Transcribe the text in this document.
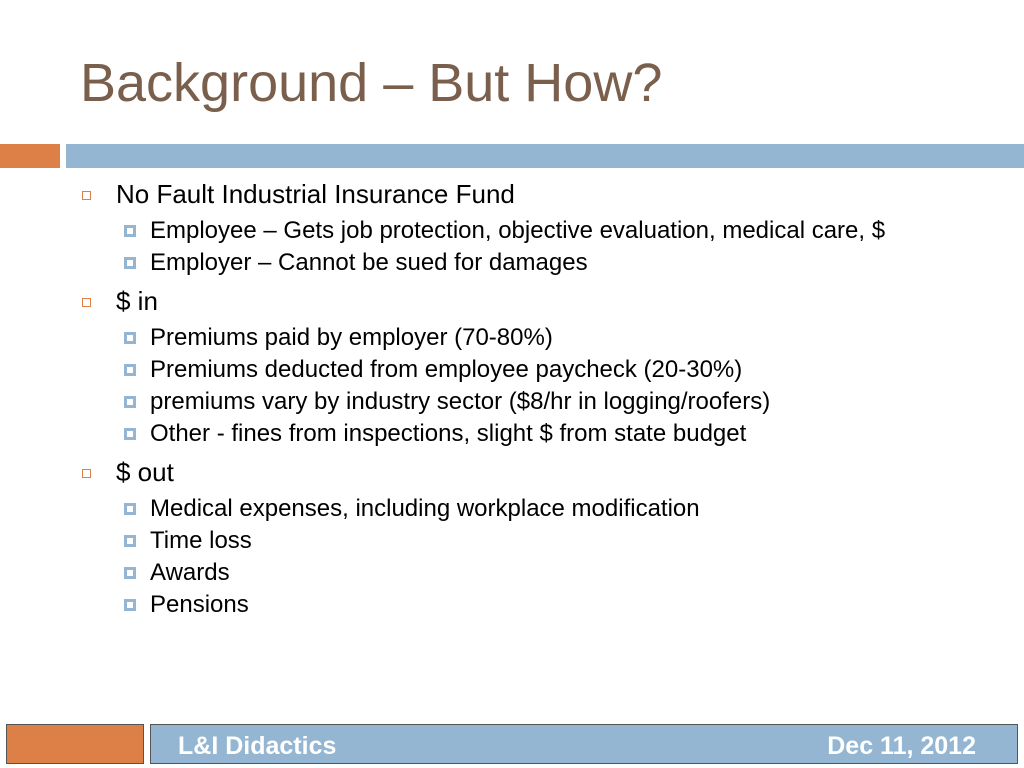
Background – But How?
No Fault Industrial Insurance Fund
Employee – Gets job protection, objective evaluation, medical care, $
Employer – Cannot be sued for damages
$ in
Premiums paid by employer (70-80%)
Premiums deducted from employee paycheck (20-30%)
premiums vary by industry sector ($8/hr in logging/roofers)
Other - fines from inspections, slight $ from state budget
$ out
Medical expenses, including workplace modification
Time loss
Awards
Pensions
L&I Didactics	Dec 11, 2012
